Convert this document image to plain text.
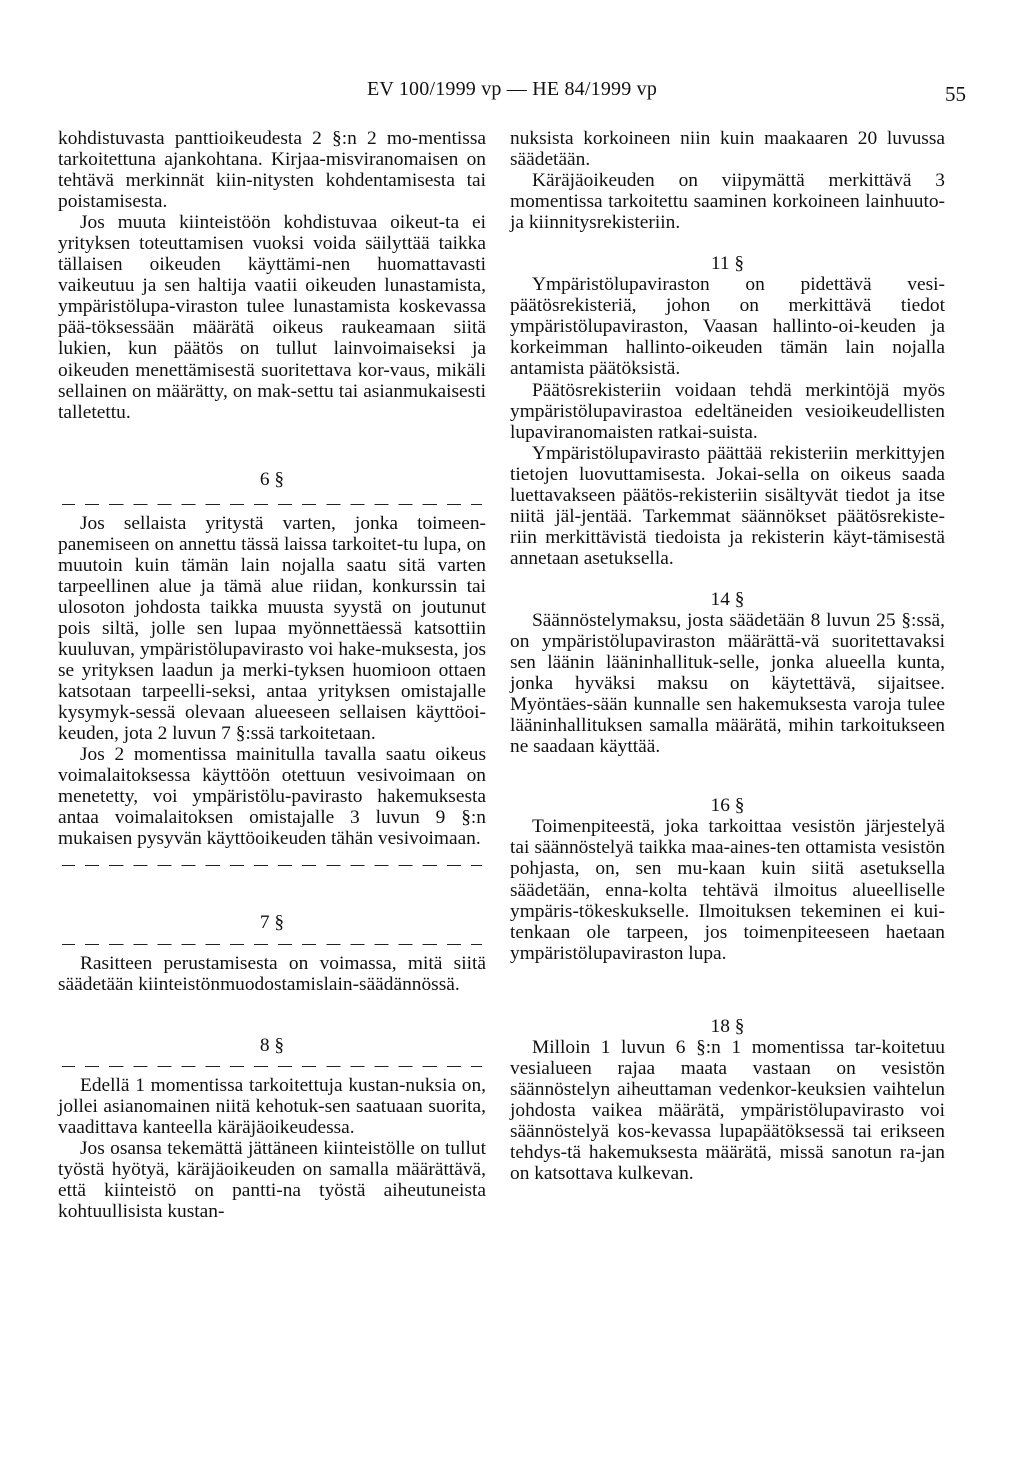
EV 100/1999 vp — HE 84/1999 vp	55

kohdistuvasta panttioikeudesta 2 §:n 2 mo-mentissa tarkoitettuna ajankohtana. Kirjaa-misviranomaisen on tehtävä merkinnät kiin-nitysten kohdentamisesta tai poistamisesta.

Jos muuta kiinteistöön kohdistuvaa oikeut-ta ei yrityksen toteuttamisen vuoksi voida säilyttää taikka tällaisen oikeuden käyttämi-nen huomattavasti vaikeutuu ja sen haltija vaatii oikeuden lunastamista, ympäristölupa-viraston tulee lunastamista koskevassa pää-töksessään määrätä oikeus raukeamaan siitä lukien, kun päätös on tullut lainvoimaiseksi ja oikeuden menettämisestä suoritettava kor-vaus, mikäli sellainen on määrätty, on mak-settu tai asianmukaisesti talletettu.

6 §

Jos sellaista yritystä varten, jonka toimeen-panemiseen on annettu tässä laissa tarkoitet-tu lupa, on muutoin kuin tämän lain nojalla saatu sitä varten tarpeellinen alue ja tämä alue riidan, konkurssin tai ulosoton johdosta taikka muusta syystä on joutunut pois siltä, jolle sen lupaa myönnettäessä katsottiin kuuluvan, ympäristölupavirasto voi hake-muksesta, jos se yrityksen laadun ja merki-tyksen huomioon ottaen katsotaan tarpeelli-seksi, antaa yrityksen omistajalle kysymyk-sessä olevaan alueeseen sellaisen käyttöoi-keuden, jota 2 luvun 7 §:ssä tarkoitetaan.

Jos 2 momentissa mainitulla tavalla saatu oikeus voimalaitoksessa käyttöön otettuun vesivoimaan on menetetty, voi ympäristölu-pavirasto hakemuksesta antaa voimalaitoksen omistajalle 3 luvun 9 §:n mukaisen pysyvän käyttöoikeuden tähän vesivoimaan.

7 §

Rasitteen perustamisesta on voimassa, mitä siitä säädetään kiinteistönmuodostamislain-säädännössä.

8 §

Edellä 1 momentissa tarkoitettuja kustan-nuksia on, jollei asianomainen niitä kehotuk-sen saatuaan suorita, vaadittava kanteella käräjäoikeudessa.

Jos osansa tekemättä jättäneen kiinteistölle on tullut työstä hyötyä, käräjäoikeuden on samalla määrättävä, että kiinteistö on pantti-na työstä aiheutuneista kohtuullisista kustan-

nuksista korkoineen niin kuin maakaaren 20 luvussa säädetään.

Käräjäoikeuden on viipymättä merkittävä 3 momentissa tarkoitettu saaminen korkoineen lainhuuto- ja kiinnitysrekisteriin.

11 §

Ympäristölupaviraston on pidettävä vesi-päätösrekisteriä, johon on merkittävä tiedot ympäristölupaviraston, Vaasan hallinto-oi-keuden ja korkeimman hallinto-oikeuden tämän lain nojalla antamista päätöksistä.

Päätösrekisteriin voidaan tehdä merkintöjä myös ympäristölupavirastoa edeltäneiden vesioikeudellisten lupaviranomaisten ratkai-suista.

Ympäristölupavirasto päättää rekisteriin merkittyjen tietojen luovuttamisesta. Jokai-sella on oikeus saada luettavakseen päätös-rekisteriin sisältyvät tiedot ja itse niitä jäl-jentää. Tarkemmat säännökset päätösrekiste-riin merkittävistä tiedoista ja rekisterin käyt-tämisestä annetaan asetuksella.

14 §

Säännöstelymaksu, josta säädetään 8 luvun 25 §:ssä, on ympäristölupaviraston määrättä-vä suoritettavaksi sen läänin lääninhallituk-selle, jonka alueella kunta, jonka hyväksi maksu on käytettävä, sijaitsee. Myöntäes-sään kunnalle sen hakemuksesta varoja tulee lääninhallituksen samalla määrätä, mihin tarkoitukseen ne saadaan käyttää.

16 §

Toimenpiteestä, joka tarkoittaa vesistön järjestelyä tai säännöstelyä taikka maa-aines-ten ottamista vesistön pohjasta, on, sen mu-kaan kuin siitä asetuksella säädetään, enna-kolta tehtävä ilmoitus alueelliselle ympäris-tökeskukselle. Ilmoituksen tekeminen ei kui-tenkaan ole tarpeen, jos toimenpiteeseen haetaan ympäristölupaviraston lupa.

18 §

Milloin 1 luvun 6 §:n 1 momentissa tar-koitetuu vesialueen rajaa maata vastaan on vesistön säännöstelyn aiheuttaman vedenkor-keuksien vaihtelun johdosta vaikea määrätä, ympäristölupavirasto voi säännöstelyä kos-kevassa lupapäätöksessä tai erikseen tehdys-tä hakemuksesta määrätä, missä sanotun ra-jan on katsottava kulkevan.
